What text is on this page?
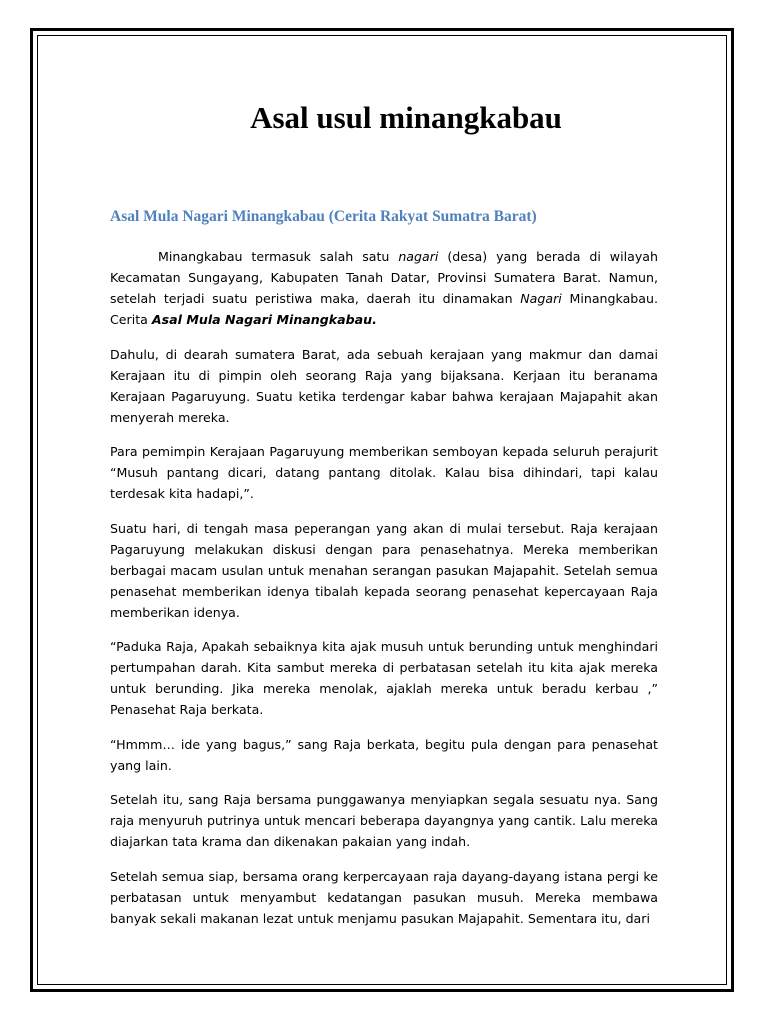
Asal usul minangkabau
Asal Mula Nagari Minangkabau (Cerita Rakyat Sumatra Barat)

Minangkabau termasuk salah satu nagari (desa) yang berada di wilayah Kecamatan Sungayang, Kabupaten Tanah Datar, Provinsi Sumatera Barat. Namun, setelah terjadi suatu peristiwa maka, daerah itu dinamakan Nagari Minangkabau. Cerita Asal Mula Nagari Minangkabau.

Dahulu, di dearah sumatera Barat, ada sebuah kerajaan yang makmur dan damai Kerajaan itu di pimpin oleh seorang Raja yang bijaksana. Kerjaan itu beranama Kerajaan Pagaruyung. Suatu ketika terdengar kabar bahwa kerajaan Majapahit akan menyerah mereka.

Para pemimpin Kerajaan Pagaruyung memberikan semboyan kepada seluruh perajurit “Musuh pantang dicari, datang pantang ditolak. Kalau bisa dihindari, tapi kalau terdesak kita hadapi,”.

Suatu hari, di tengah masa peperangan yang akan di mulai tersebut. Raja kerajaan Pagaruyung melakukan diskusi dengan para penasehatnya. Mereka memberikan berbagai macam usulan untuk menahan serangan pasukan Majapahit. Setelah semua penasehat memberikan idenya tibalah kepada seorang penasehat kepercayaan Raja memberikan idenya.

“Paduka Raja, Apakah sebaiknya kita ajak musuh untuk berunding untuk menghindari pertumpahan darah. Kita sambut mereka di perbatasan setelah itu kita ajak mereka untuk berunding. Jika mereka menolak, ajaklah mereka untuk beradu kerbau ,” Penasehat Raja berkata.

“Hmmm… ide yang bagus,” sang Raja berkata, begitu pula dengan para penasehat yang lain.

Setelah itu, sang Raja bersama punggawanya menyiapkan segala sesuatu nya. Sang raja menyuruh putrinya untuk mencari beberapa dayangnya yang cantik. Lalu mereka diajarkan tata krama dan dikenakan pakaian yang indah.

Setelah semua siap, bersama orang kerpercayaan raja dayang-dayang istana pergi ke perbatasan untuk menyambut kedatangan pasukan musuh. Mereka membawa banyak sekali makanan lezat untuk menjamu pasukan Majapahit. Sementara itu, dari
